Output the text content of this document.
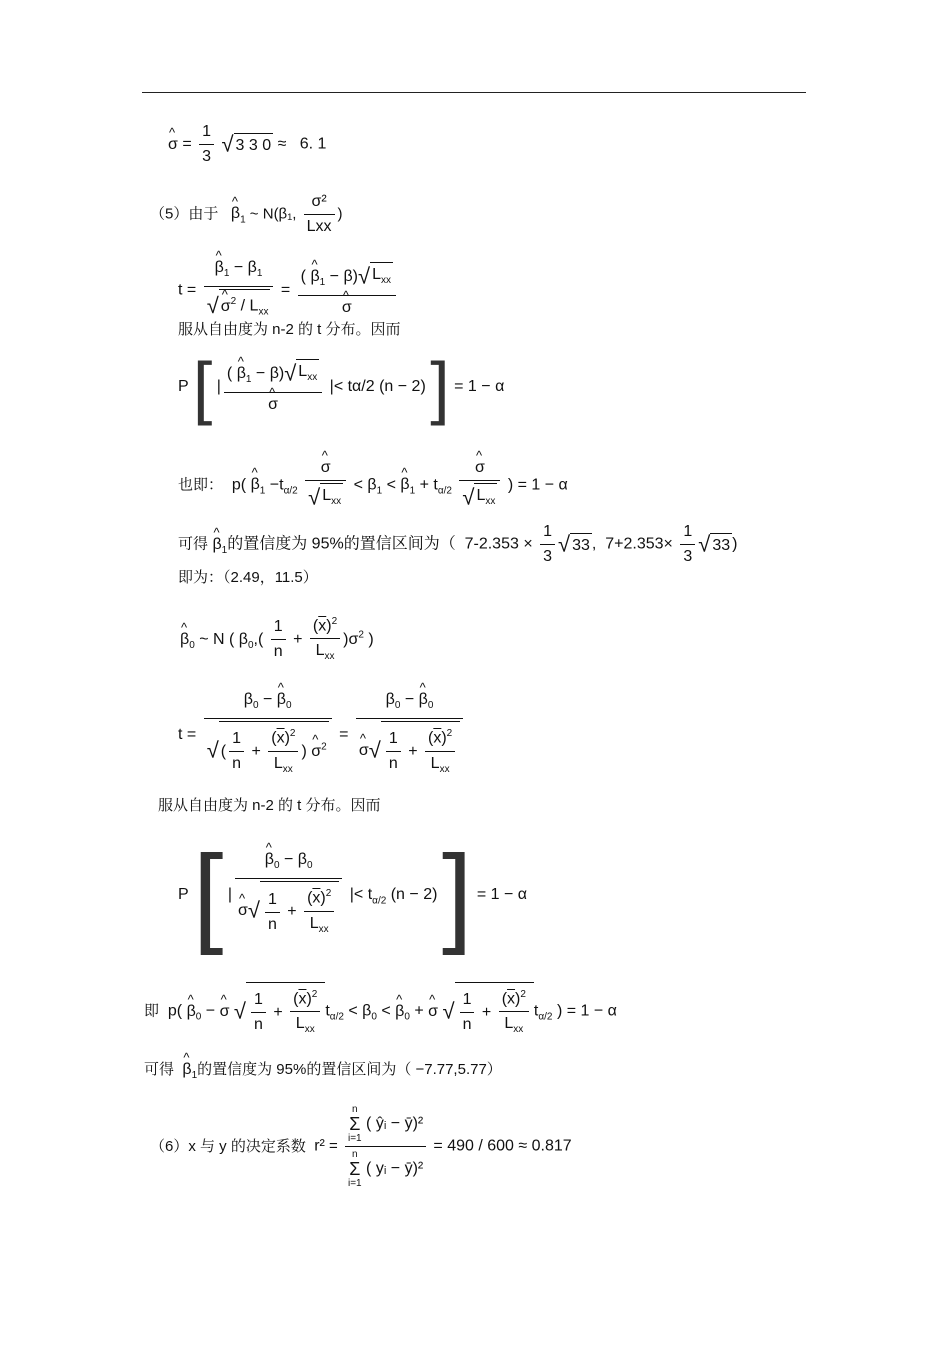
^ $\sigma = \frac{1}{3}$ √ 3 3 0 ≈ 6. 1
（5）由于 ^ $\beta_1$ ~ N(β₁, $\frac{\text{σ²}}{\text{Lxx}}$ )
t = ^ $\frac{\beta_1 - \beta_1}{√ \^{} \sigma^2 / L_{xx}}$ = ( ^ $\beta_1 - \beta)√$ $L_{xx}$
^ σ
服从自由度为 n-2 的 t 分布。因而
P [ | ( ^ $\beta_1 - \beta)√$ $L_{xx}$
^ σ |< tα/2 (n − 2) ] = 1 − α
也即：  p( ^ $\beta_1 -t_{\alpha/2}$ ^ $\frac{\sigma}{√ L_{xx}} < \beta_1$ < ^ $\beta_1 + t_{\alpha/2}$ ^ $\frac{\sigma}{√ L_{xx}}$ ) = 1 − α
可得 ^ $\beta_1$的置信度为 95%的置信区间为（ $7-2.353 \times \frac{1}{3}$ √ 33 ,  $7+2.353\times \frac{1}{3}$ √ 33 )
即为：（2.49，11.5）
^ $\beta_0$ ~ N ( $\beta_0,( \frac{1}{n} + \frac{(\overline{x})^2}{L_{xx}} )\sigma^2$ )
$t = \frac{\beta_0 - \^{} \beta_0}{√ ( \frac{1}{n} + \frac{(\overline{x})^2}{L_{xx}} ) \^{} \sigma^2} = \beta_0$ − ^ $\beta_0$
^ $\sigma√ \frac{1}{n} + \frac{(\overline{x})^2}{L_{xx}}$
服从自由度为 n-2 的 t 分布。因而
P [ | ^ $\beta_0 - \beta_0$
^ $\sigma√ \frac{1}{n} + \frac{(\overline{x})^2}{L_{xx}}$ |< $t_{\alpha/2}$ (n − 2) ] = 1 − α
即  p( ^ $\beta_0$ − ^ σ √ $\frac{1}{n} + \frac{(\overline{x})^2}{L_{xx}} t_{\alpha/2} < \beta_0$ < ^ $\beta_0$ + ^ σ √ $\frac{1}{n} + \frac{(\overline{x})^2}{L_{xx}} t_{\alpha/2}$ ) = 1 − α
可得 ^ $\beta_1$的置信度为 95%的置信区间为（ −7.77,5.77）
（6）x 与 y 的决定系数 r² =
n
Σ
i=1 ( ŷᵢ − ȳ)²
n
Σ
i=1 ( yᵢ − ȳ)²
= 490 / 600 ≈ 0.817
